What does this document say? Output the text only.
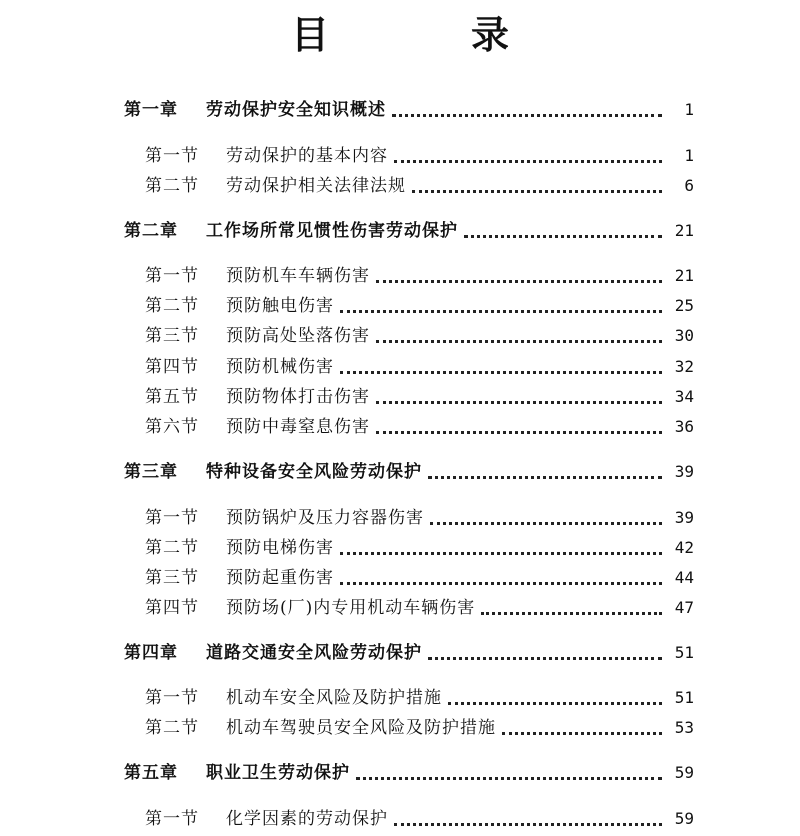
目　录
第一章 劳动保护安全知识概述	1
第一节 劳动保护的基本内容	1
第二节 劳动保护相关法律法规	6
第二章 工作场所常见惯性伤害劳动保护	21
第一节 预防机车车辆伤害	21
第二节 预防触电伤害	25
第三节 预防高处坠落伤害	30
第四节 预防机械伤害	32
第五节 预防物体打击伤害	34
第六节 预防中毒窒息伤害	36
第三章 特种设备安全风险劳动保护	39
第一节 预防锅炉及压力容器伤害	39
第二节 预防电梯伤害	42
第三节 预防起重伤害	44
第四节 预防场(厂)内专用机动车辆伤害	47
第四章 道路交通安全风险劳动保护	51
第一节 机动车安全风险及防护措施	51
第二节 机动车驾驶员安全风险及防护措施	53
第五章 职业卫生劳动保护	59
第一节 化学因素的劳动保护	59
